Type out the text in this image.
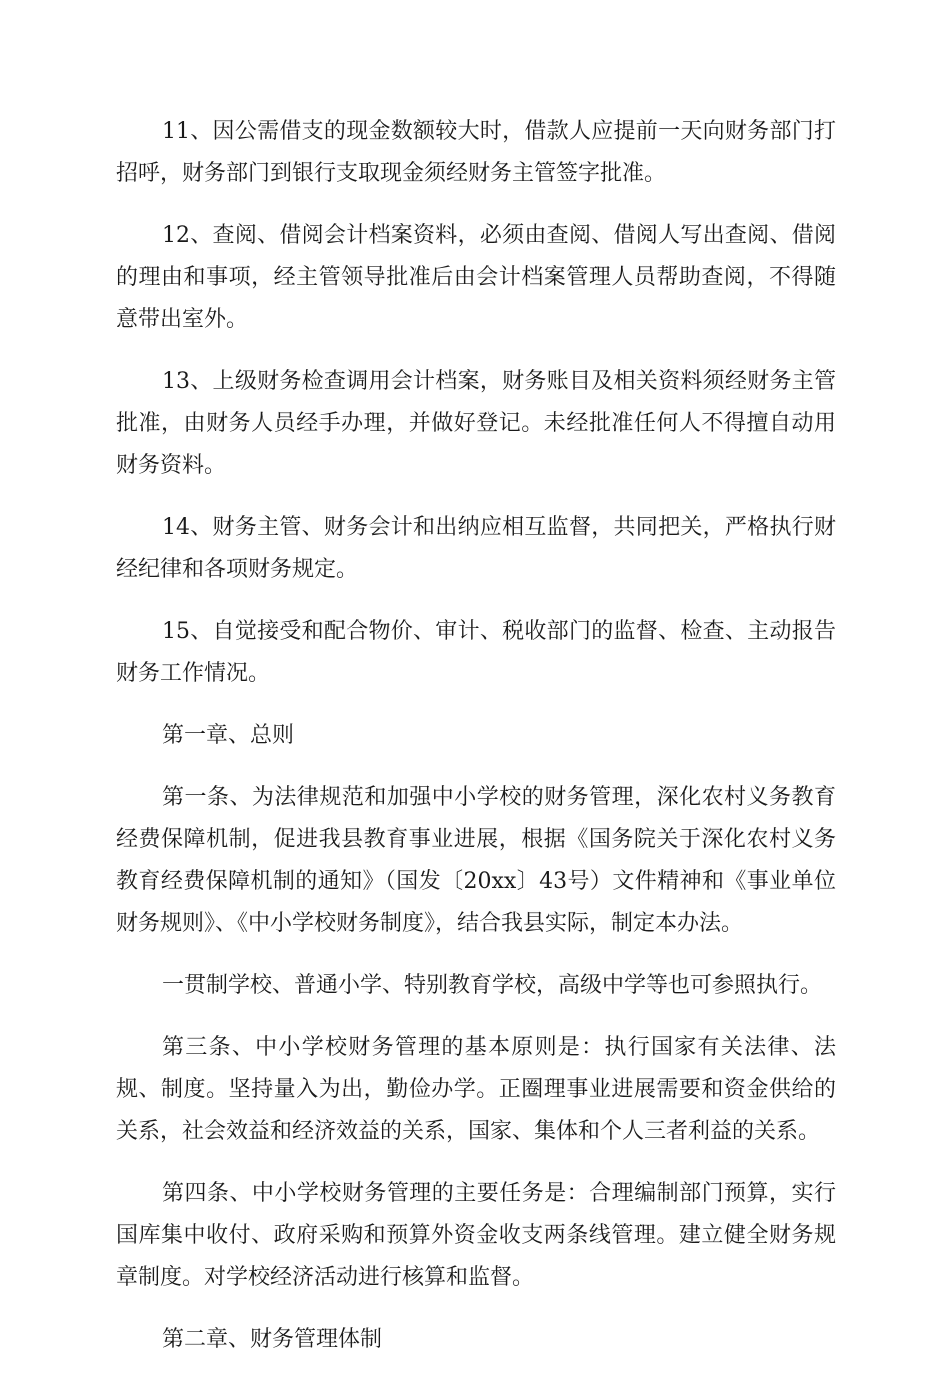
11、因公需借支的现金数额较大时，借款人应提前一天向财务部门打招呼，财务部门到银行支取现金须经财务主管签字批准。

12、查阅、借阅会计档案资料，必须由查阅、借阅人写出查阅、借阅的理由和事项，经主管领导批准后由会计档案管理人员帮助查阅，不得随意带出室外。

13、上级财务检查调用会计档案，财务账目及相关资料须经财务主管批准，由财务人员经手办理，并做好登记。未经批准任何人不得擅自动用财务资料。

14、财务主管、财务会计和出纳应相互监督，共同把关，严格执行财经纪律和各项财务规定。

15、自觉接受和配合物价、审计、税收部门的监督、检查、主动报告财务工作情况。

第一章、总则

第一条、为法律规范和加强中小学校的财务管理，深化农村义务教育经费保障机制，促进我县教育事业进展，根据《国务院关于深化农村义务教育经费保障机制的通知》（国发〔20xx〕43号）文件精神和《事业单位财务规则》、《中小学校财务制度》，结合我县实际，制定本办法。

一贯制学校、普通小学、特别教育学校，高级中学等也可参照执行。

第三条、中小学校财务管理的基本原则是：执行国家有关法律、法规、制度。坚持量入为出，勤俭办学。正圈理事业进展需要和资金供给的关系，社会效益和经济效益的关系，国家、集体和个人三者利益的关系。

第四条、中小学校财务管理的主要任务是：合理编制部门预算，实行国库集中收付、政府采购和预算外资金收支两条线管理。建立健全财务规章制度。对学校经济活动进行核算和监督。

第二章、财务管理体制
